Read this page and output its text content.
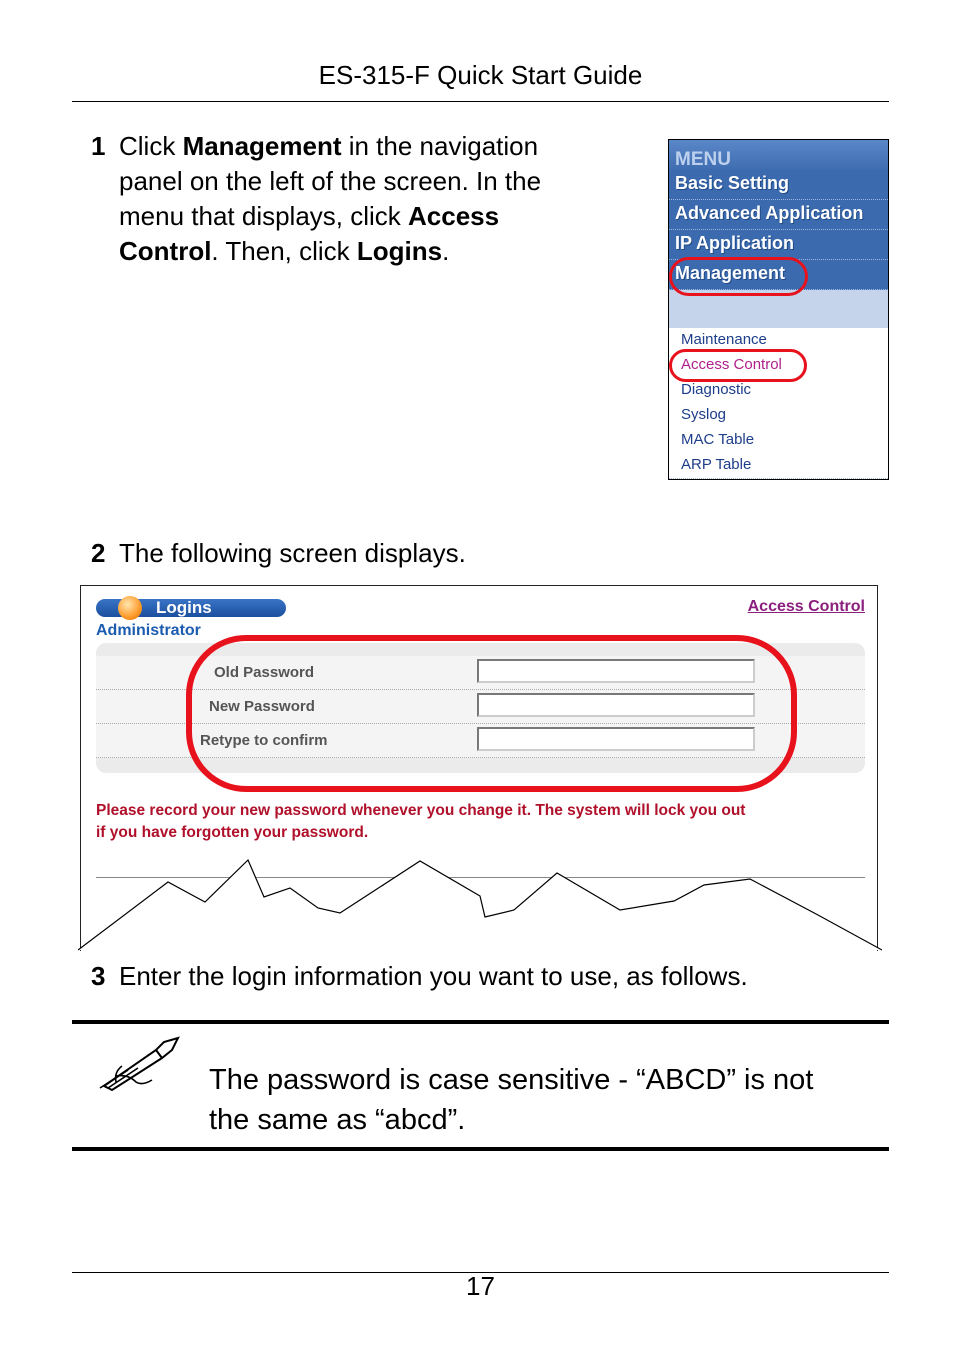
ES-315-F Quick Start Guide
1 Click Management in the navigation
panel on the left of the screen. In the
menu that displays, click Access
Control. Then, click Logins.
MENU
Basic Setting
Advanced Application
IP Application
Management
Maintenance
Access Control
Diagnostic
Syslog
MAC Table
ARP Table
2 The following screen displays.
Logins
Administrator
Access Control
Old Password
New Password
Retype to confirm
Please record your new password whenever you change it. The system will lock you out
if you have forgotten your password.
3 Enter the login information you want to use, as follows.
The password is case sensitive - “ABCD” is not
the same as “abcd”.
17
